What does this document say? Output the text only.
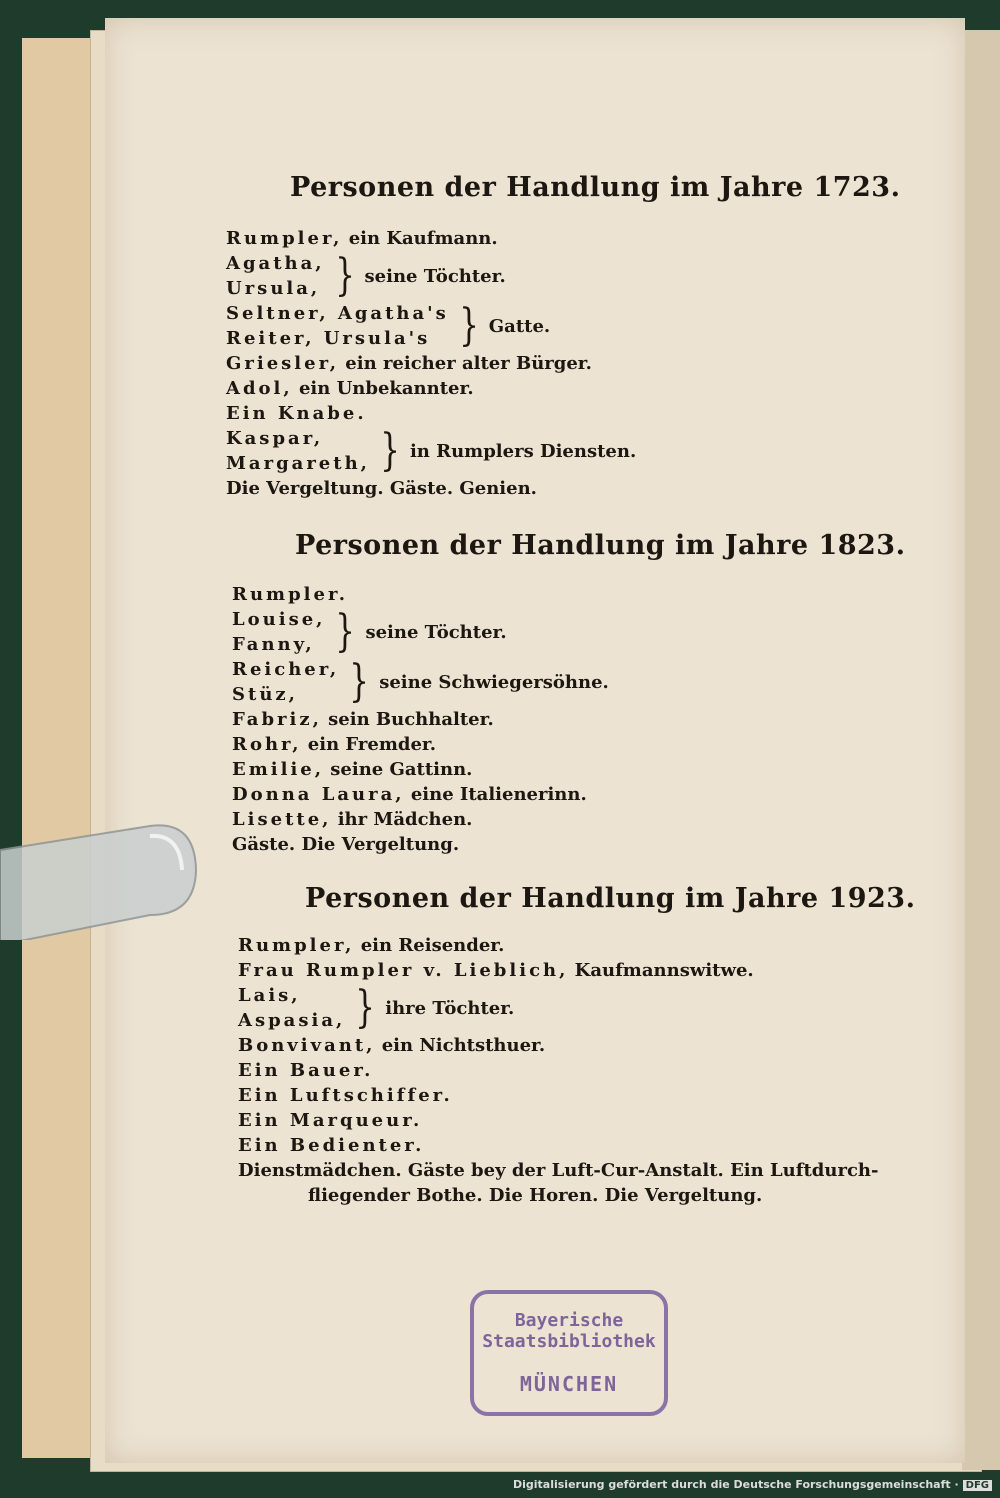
Personen der Handlung im Jahre 1723.
Rumpler, ein Kaufmann.
Agatha,
Ursula, } seine Töchter.
Seltner, Agatha's
Reiter, Ursula's } Gatte.
Griesler, ein reicher alter Bürger.
Adol, ein Unbekannter.
Ein Knabe.
Kaspar,
Margareth, } in Rumplers Diensten.
Die Vergeltung. Gäste. Genien.
Personen der Handlung im Jahre 1823.
Rumpler.
Louise,
Fanny, } seine Töchter.
Reicher,
Stüz,	} seine Schwiegersöhne.
Fabriz, sein Buchhalter.
Rohr, ein Fremder.
Emilie, seine Gattinn.
Donna Laura, eine Italienerinn.
Lisette, ihr Mädchen.
Gäste. Die Vergeltung.
Personen der Handlung im Jahre 1923.
Rumpler, ein Reisender.
Frau Rumpler v. Lieblich, Kaufmannswitwe.
Lais,
Aspasia, } ihre Töchter.
Bonvivant, ein Nichtsthuer.
Ein Bauer.
Ein Luftschiffer.
Ein Marqueur.
Ein Bedienter.
Dienstmädchen. Gäste bey der Luft-Cur-Anstalt. Ein Luftdurch-
fliegender Bothe. Die Horen. Die Vergeltung.
Bayerische
Staatsbibliothek
MÜNCHEN
Digitalisierung gefördert durch die Deutsche Forschungsgemeinschaft · DFG
